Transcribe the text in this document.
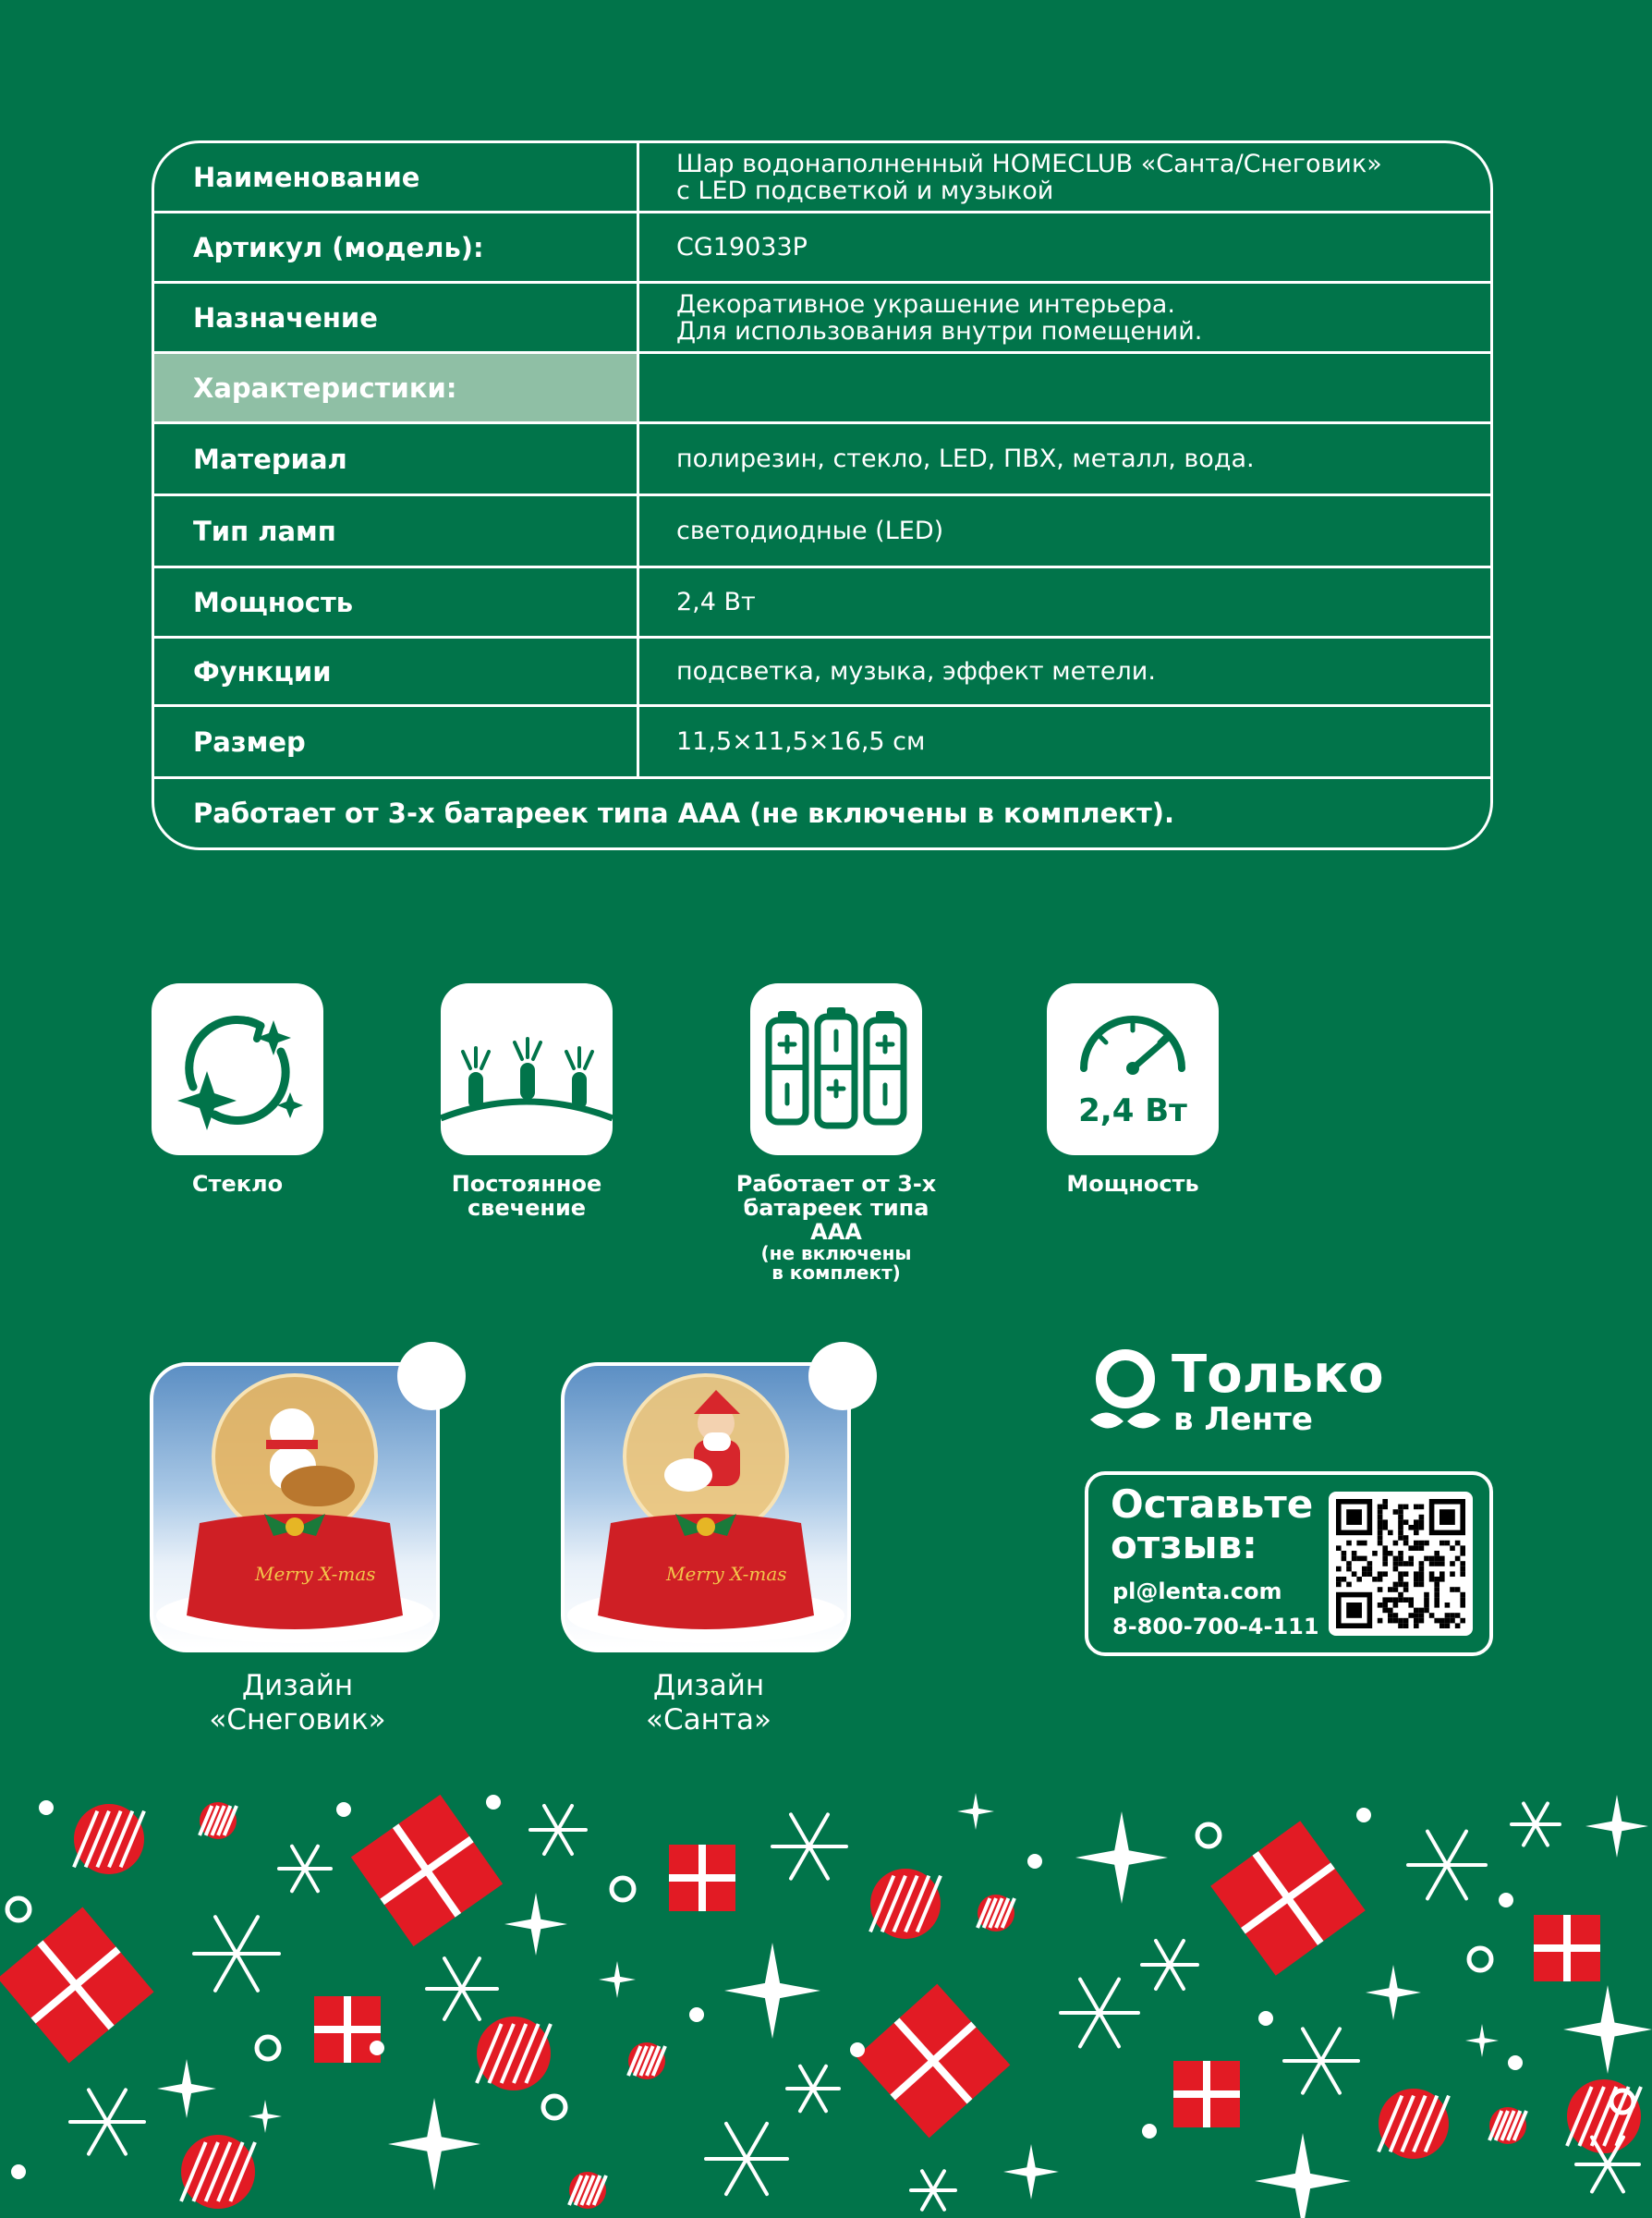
Наименование	Шар водонаполненный HOMECLUB «Санта/Снеговик»
с LED подсветкой и музыкой
Артикул (модель):	CG19033P
Назначение	Декоративное украшение интерьера.
Для использования внутри помещений.
Характеристики:
Материал	полирезин, стекло, LED, ПВХ, металл, вода.
Тип ламп	светодиодные (LED)
Мощность	2,4 Вт
Функции	подсветка, музыка, эффект метели.
Размер	11,5×11,5×16,5 см
Работает от 3-х батареек типа ААА (не включены в комплект).
Стекло	Постоянное
свечение
Работает от 3-х
батареек типа ААА
(не включены
в комплект)
2,4 Вт
Мощность
Merry X-mas
Дизайн
«Снеговик»
Merry X-mas
Дизайн
«Санта»
Только
в Ленте
Оставьте
отзыв:
pl@lenta.com
8-800-700-4-111
